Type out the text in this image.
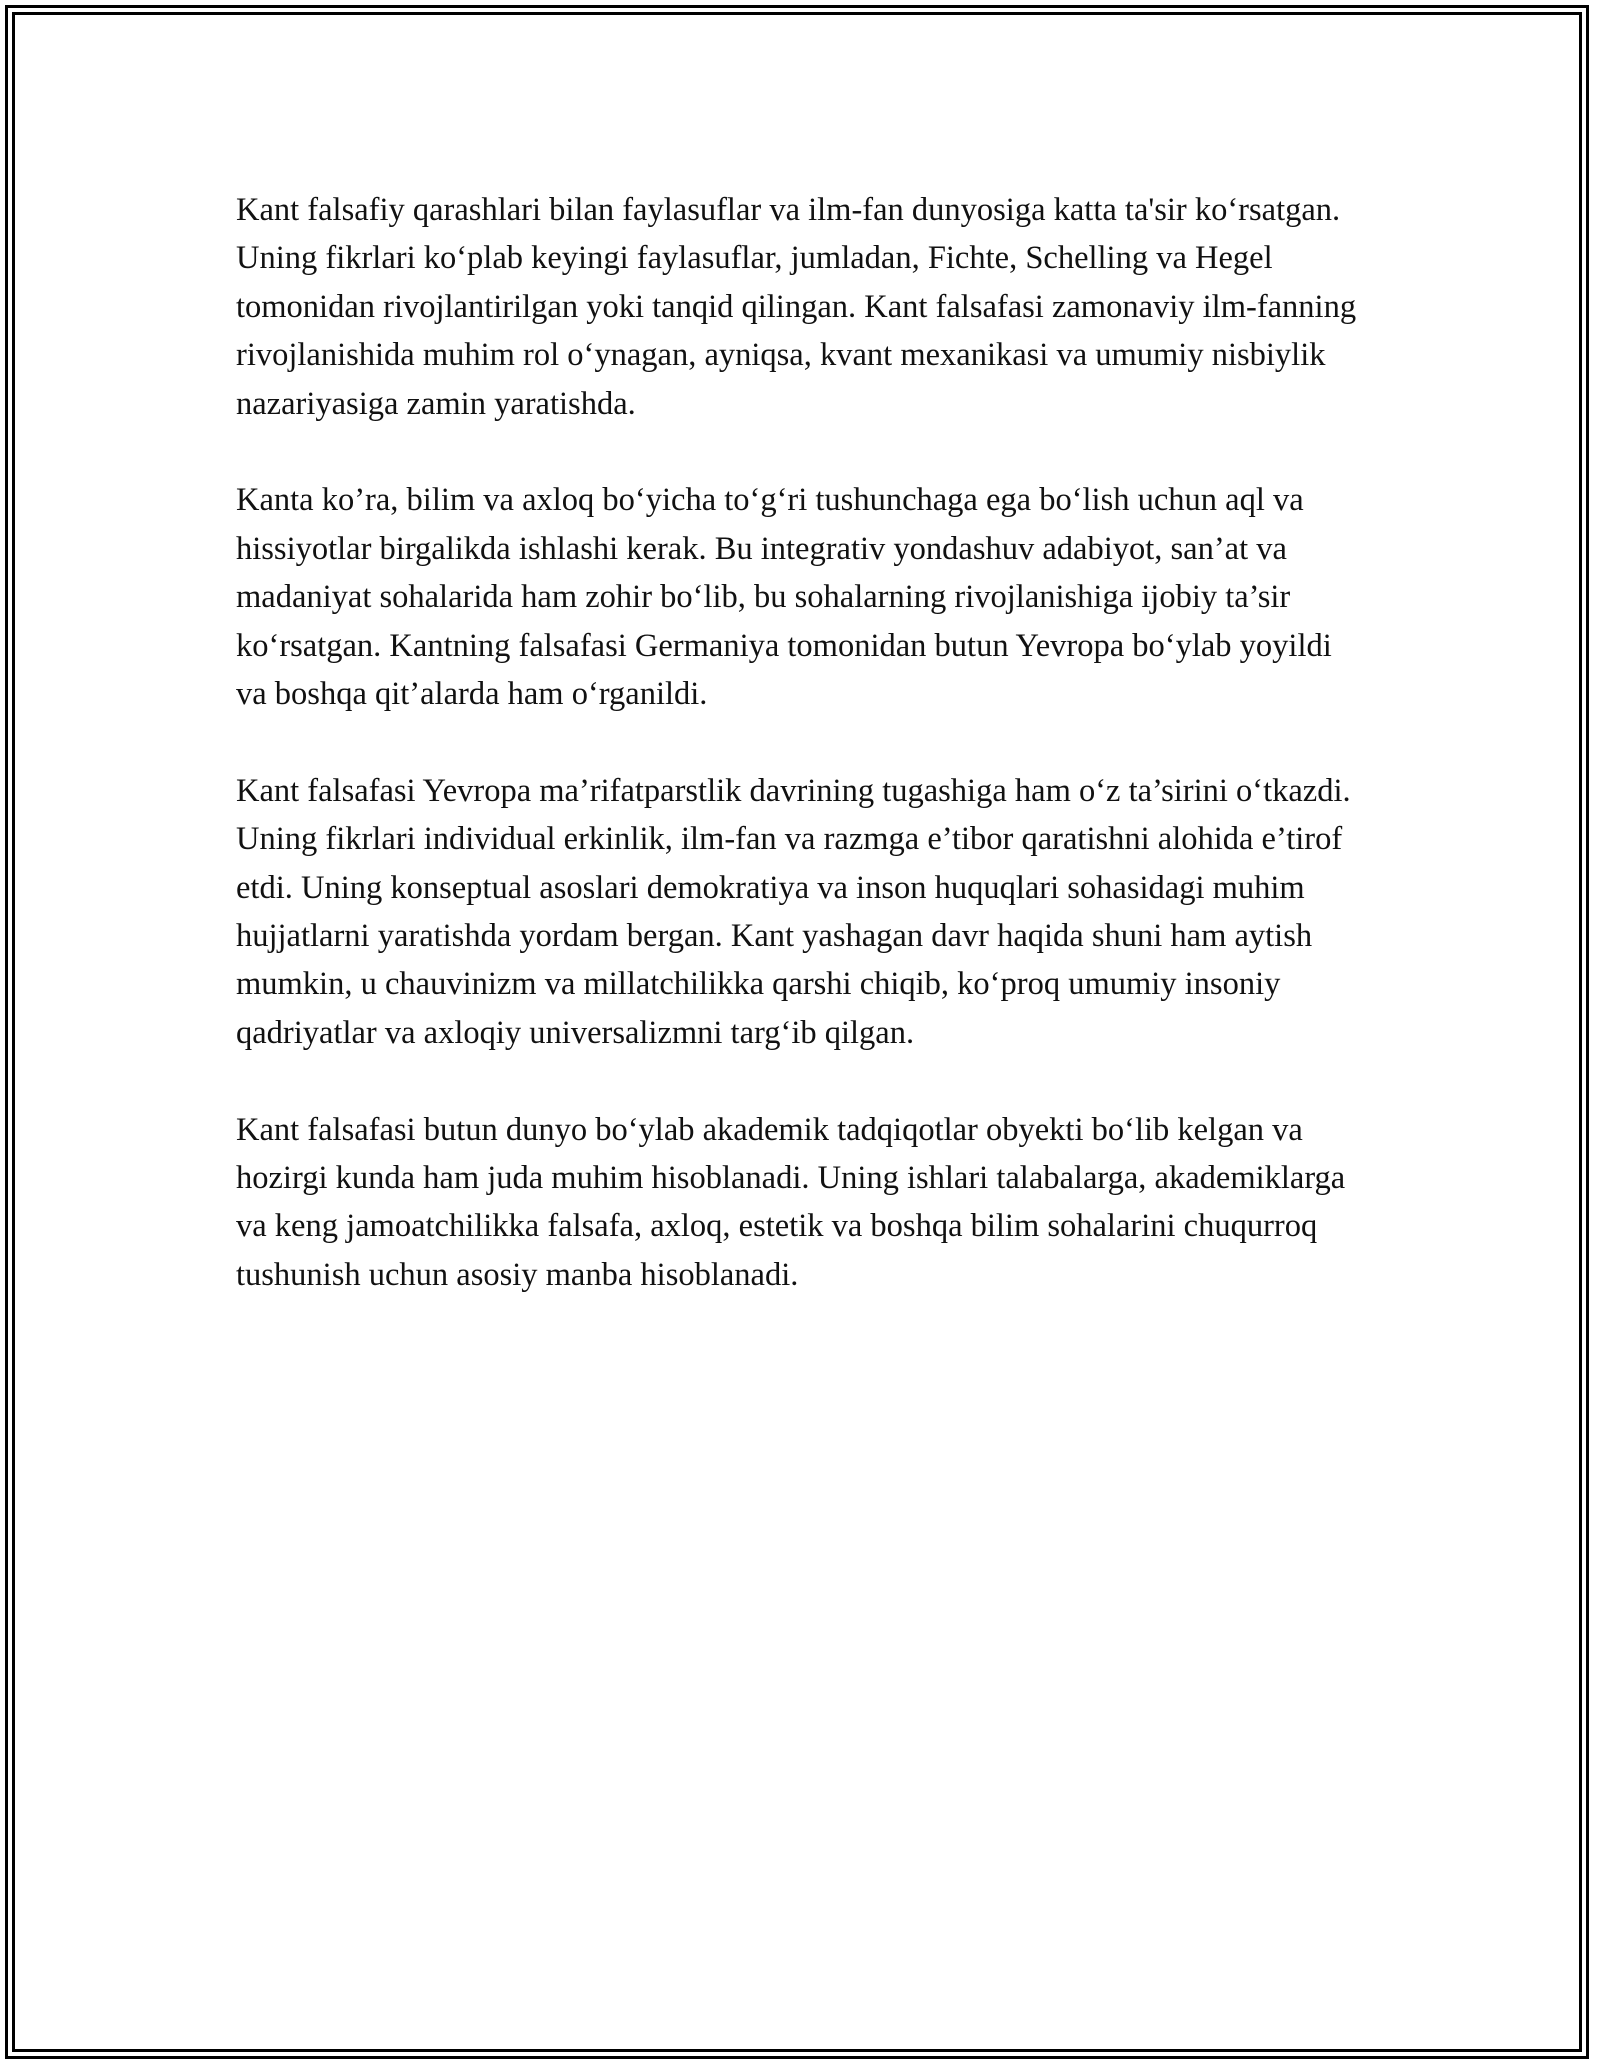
Kant falsafiy qarashlari bilan faylasuflar va ilm-fan dunyosiga katta ta'sir ko‘rsatgan. Uning fikrlari ko‘plab keyingi faylasuflar, jumladan, Fichte, Schelling va Hegel tomonidan rivojlantirilgan yoki tanqid qilingan. Kant falsafasi zamonaviy ilm-fanning rivojlanishida muhim rol o‘ynagan, ayniqsa, kvant mexanikasi va umumiy nisbiylik nazariyasiga zamin yaratishda.

Kanta ko’ra, bilim va axloq bo‘yicha to‘g‘ri tushunchaga ega bo‘lish uchun aql va hissiyotlar birgalikda ishlashi kerak. Bu integrativ yondashuv adabiyot, san’at va madaniyat sohalarida ham zohir bo‘lib, bu sohalarning rivojlanishiga ijobiy ta’sir ko‘rsatgan. Kantning falsafasi Germaniya tomonidan butun Yevropa bo‘ylab yoyildi va boshqa qit’alarda ham o‘rganildi.

Kant falsafasi Yevropa ma’rifatparstlik davrining tugashiga ham o‘z ta’sirini o‘tkazdi. Uning fikrlari individual erkinlik, ilm-fan va razmga e’tibor qaratishni alohida e’tirof etdi. Uning konseptual asoslari demokratiya va inson huquqlari sohasidagi muhim hujjatlarni yaratishda yordam bergan. Kant yashagan davr haqida shuni ham aytish mumkin, u chauvinizm va millatchilikka qarshi chiqib, ko‘proq umumiy insoniy qadriyatlar va axloqiy universalizmni targ‘ib qilgan.

Kant falsafasi butun dunyo bo‘ylab akademik tadqiqotlar obyekti bo‘lib kelgan va hozirgi kunda ham juda muhim hisoblanadi. Uning ishlari talabalarga, akademiklarga va keng jamoatchilikka falsafa, axloq, estetik va boshqa bilim sohalarini chuqurroq tushunish uchun asosiy manba hisoblanadi.
